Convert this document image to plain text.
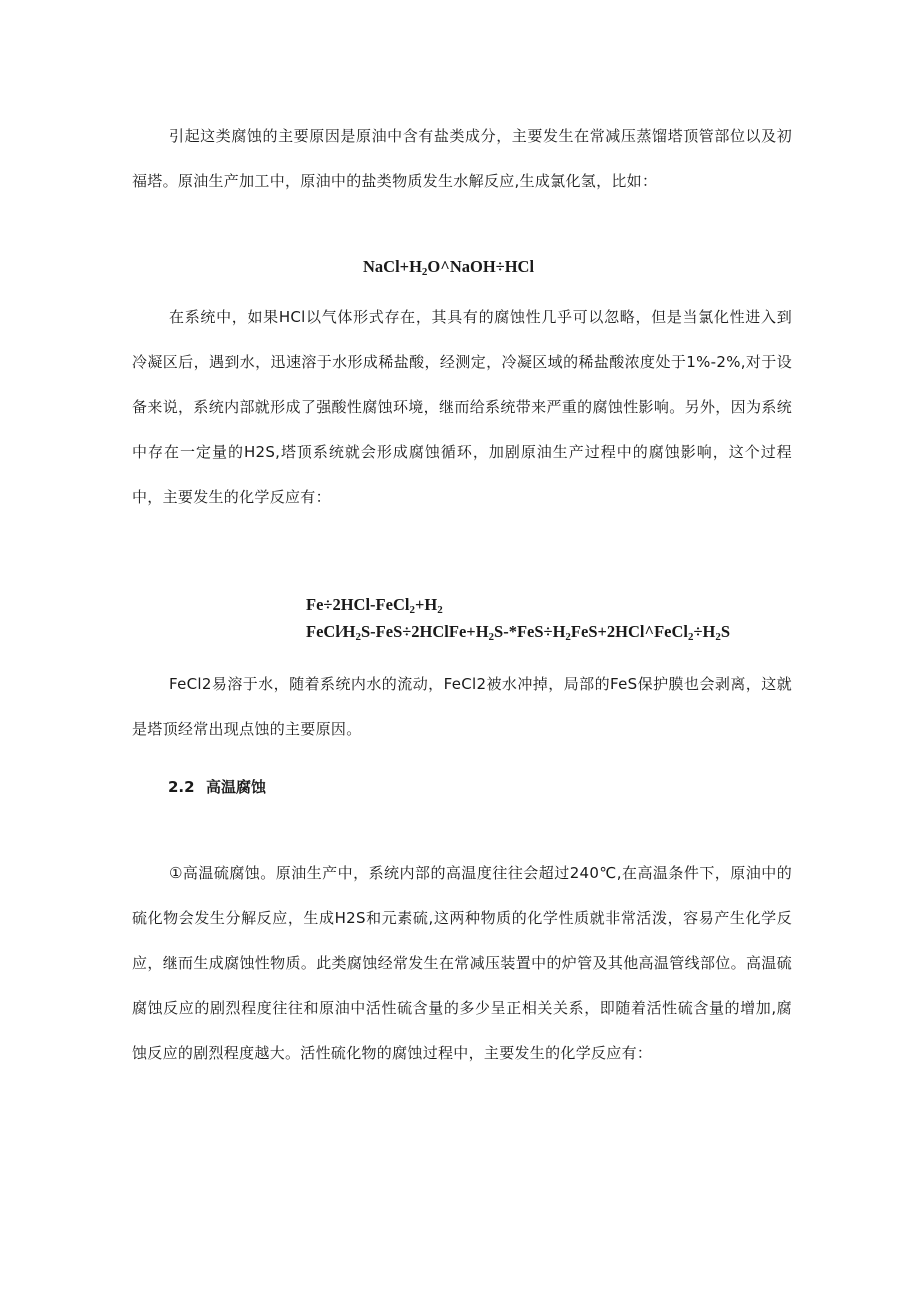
引起这类腐蚀的主要原因是原油中含有盐类成分，主要发生在常减压蒸馏塔顶管部位以及初福塔。原油生产加工中，原油中的盐类物质发生水解反应,生成氯化氢，比如：

$NaCl+H_2O\^{}NaOH\div HCl$

在系统中，如果HCl以气体形式存在，其具有的腐蚀性几乎可以忽略，但是当氯化性进入到冷凝区后，遇到水，迅速溶于水形成稀盐酸，经测定，冷凝区域的稀盐酸浓度处于1%-2%,对于设备来说，系统内部就形成了强酸性腐蚀环境，继而给系统带来严重的腐蚀性影响。另外，因为系统中存在一定量的H2S,塔顶系统就会形成腐蚀循环，加剧原油生产过程中的腐蚀影响，这个过程中，主要发生的化学反应有：

$Fe\div 2HCl-FeCl_2+H_2$

$FeCl∕H_2S-FeS\div 2HClFe+H_2S-*FeS\div H_2FeS+2HCl\^{}FeCl_2\div H_2S$

FeCl2易溶于水，随着系统内水的流动，FeCl2被水冲掉，局部的FeS保护膜也会剥离，这就是塔顶经常出现点蚀的主要原因。

2.2 高温腐蚀

①高温硫腐蚀。原油生产中，系统内部的高温度往往会超过240℃,在高温条件下，原油中的硫化物会发生分解反应，生成H2S和元素硫,这两种物质的化学性质就非常活泼，容易产生化学反应，继而生成腐蚀性物质。此类腐蚀经常发生在常减压装置中的炉管及其他高温管线部位。高温硫腐蚀反应的剧烈程度往往和原油中活性硫含量的多少呈正相关关系，即随着活性硫含量的增加,腐蚀反应的剧烈程度越大。活性硫化物的腐蚀过程中，主要发生的化学反应有：
